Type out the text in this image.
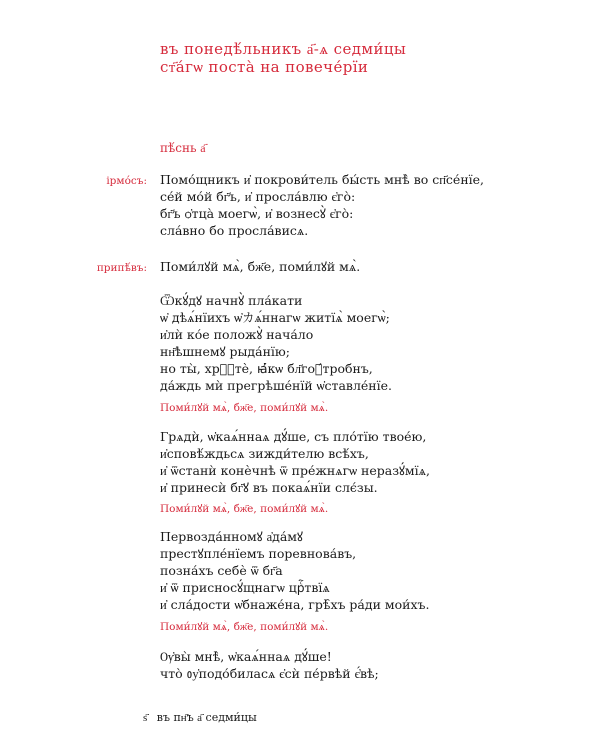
въ понедѣ́льникъ а҃-ѧ седми́цы
ст҃а́гѡ поста̀ на повече́рїи
пѣ́снь а҃
ірмо́съ: Помо́щникъ и҆ покрови́тель бы́сть мнѣ̀ во сп҃се́нїе,
се́й мо́й бг҃ъ, и҆ просла́влю є҆го̀:
бг҃ъ ѻ҆тца̀ моегѡ̀, и҆ вознесꙋ̀ є҆го̀:
сла́вно бо просла́висѧ.
припѣ́въ: Поми́лꙋй мѧ̀, бж҃е, поми́лꙋй мѧ̀.
Ѿкꙋ́дꙋ начнꙋ̀ пла́кати
ѡ҆ дѣѧ́нїихъ ѡ҆カѧ́ннагѡ житїѧ̀ моегѡ̀;
и҆лѝ ко́е положꙋ̀ нача́ло
нн҃ѣшнемꙋ рыда́нїю;
но ты̀, хрⷭ҇тѐ, ꙗ҆́кѡ бл҃гоꙋ́тробнъ,
да́ждь мѝ прегрѣше́нїй ѡ҆ставле́нїе.
Поми́лꙋй мѧ̀, бж҃е, поми́лꙋй мѧ̀.
Грѧдѝ, ѡ҆каѧ́ннаѧ дꙋ́ше, съ пло́тїю твое́ю,
и҆сповѣ́ждьсѧ зижди́телю всѣ́хъ,
и҆ ѿстанѝ конѐчнѣ ѿ пре́жнѧгѡ неразꙋ́мїѧ,
и҆ принесѝ бг҃ꙋ въ покаѧ́нїи слє́зы.
Поми́лꙋй мѧ̀, бж҃е, поми́лꙋй мѧ̀.
Первозда́нномꙋ а҆да́мꙋ
престꙋпле́нїемъ поревнова́въ,
позна́хъ себѐ ѿ бг҃а
и҆ ѿ присносꙋ́щнагѡ црⷭ҇твїѧ
и҆ сла́дости ѡ҆бнаже́на, грѣ̑хъ ра́ди мои́хъ.
Поми́лꙋй мѧ̀, бж҃е, поми́лꙋй мѧ̀.
Ѹ҆вы̀ мнѣ̀, ѡ҆каѧ́ннаѧ дꙋ́ше!
что̀ ᲂу҆подо́биласѧ є҆сѝ пе́рвѣй є҆́вѣ;
ѕ҃ въ пн҃ъ а҃ седми́цы
